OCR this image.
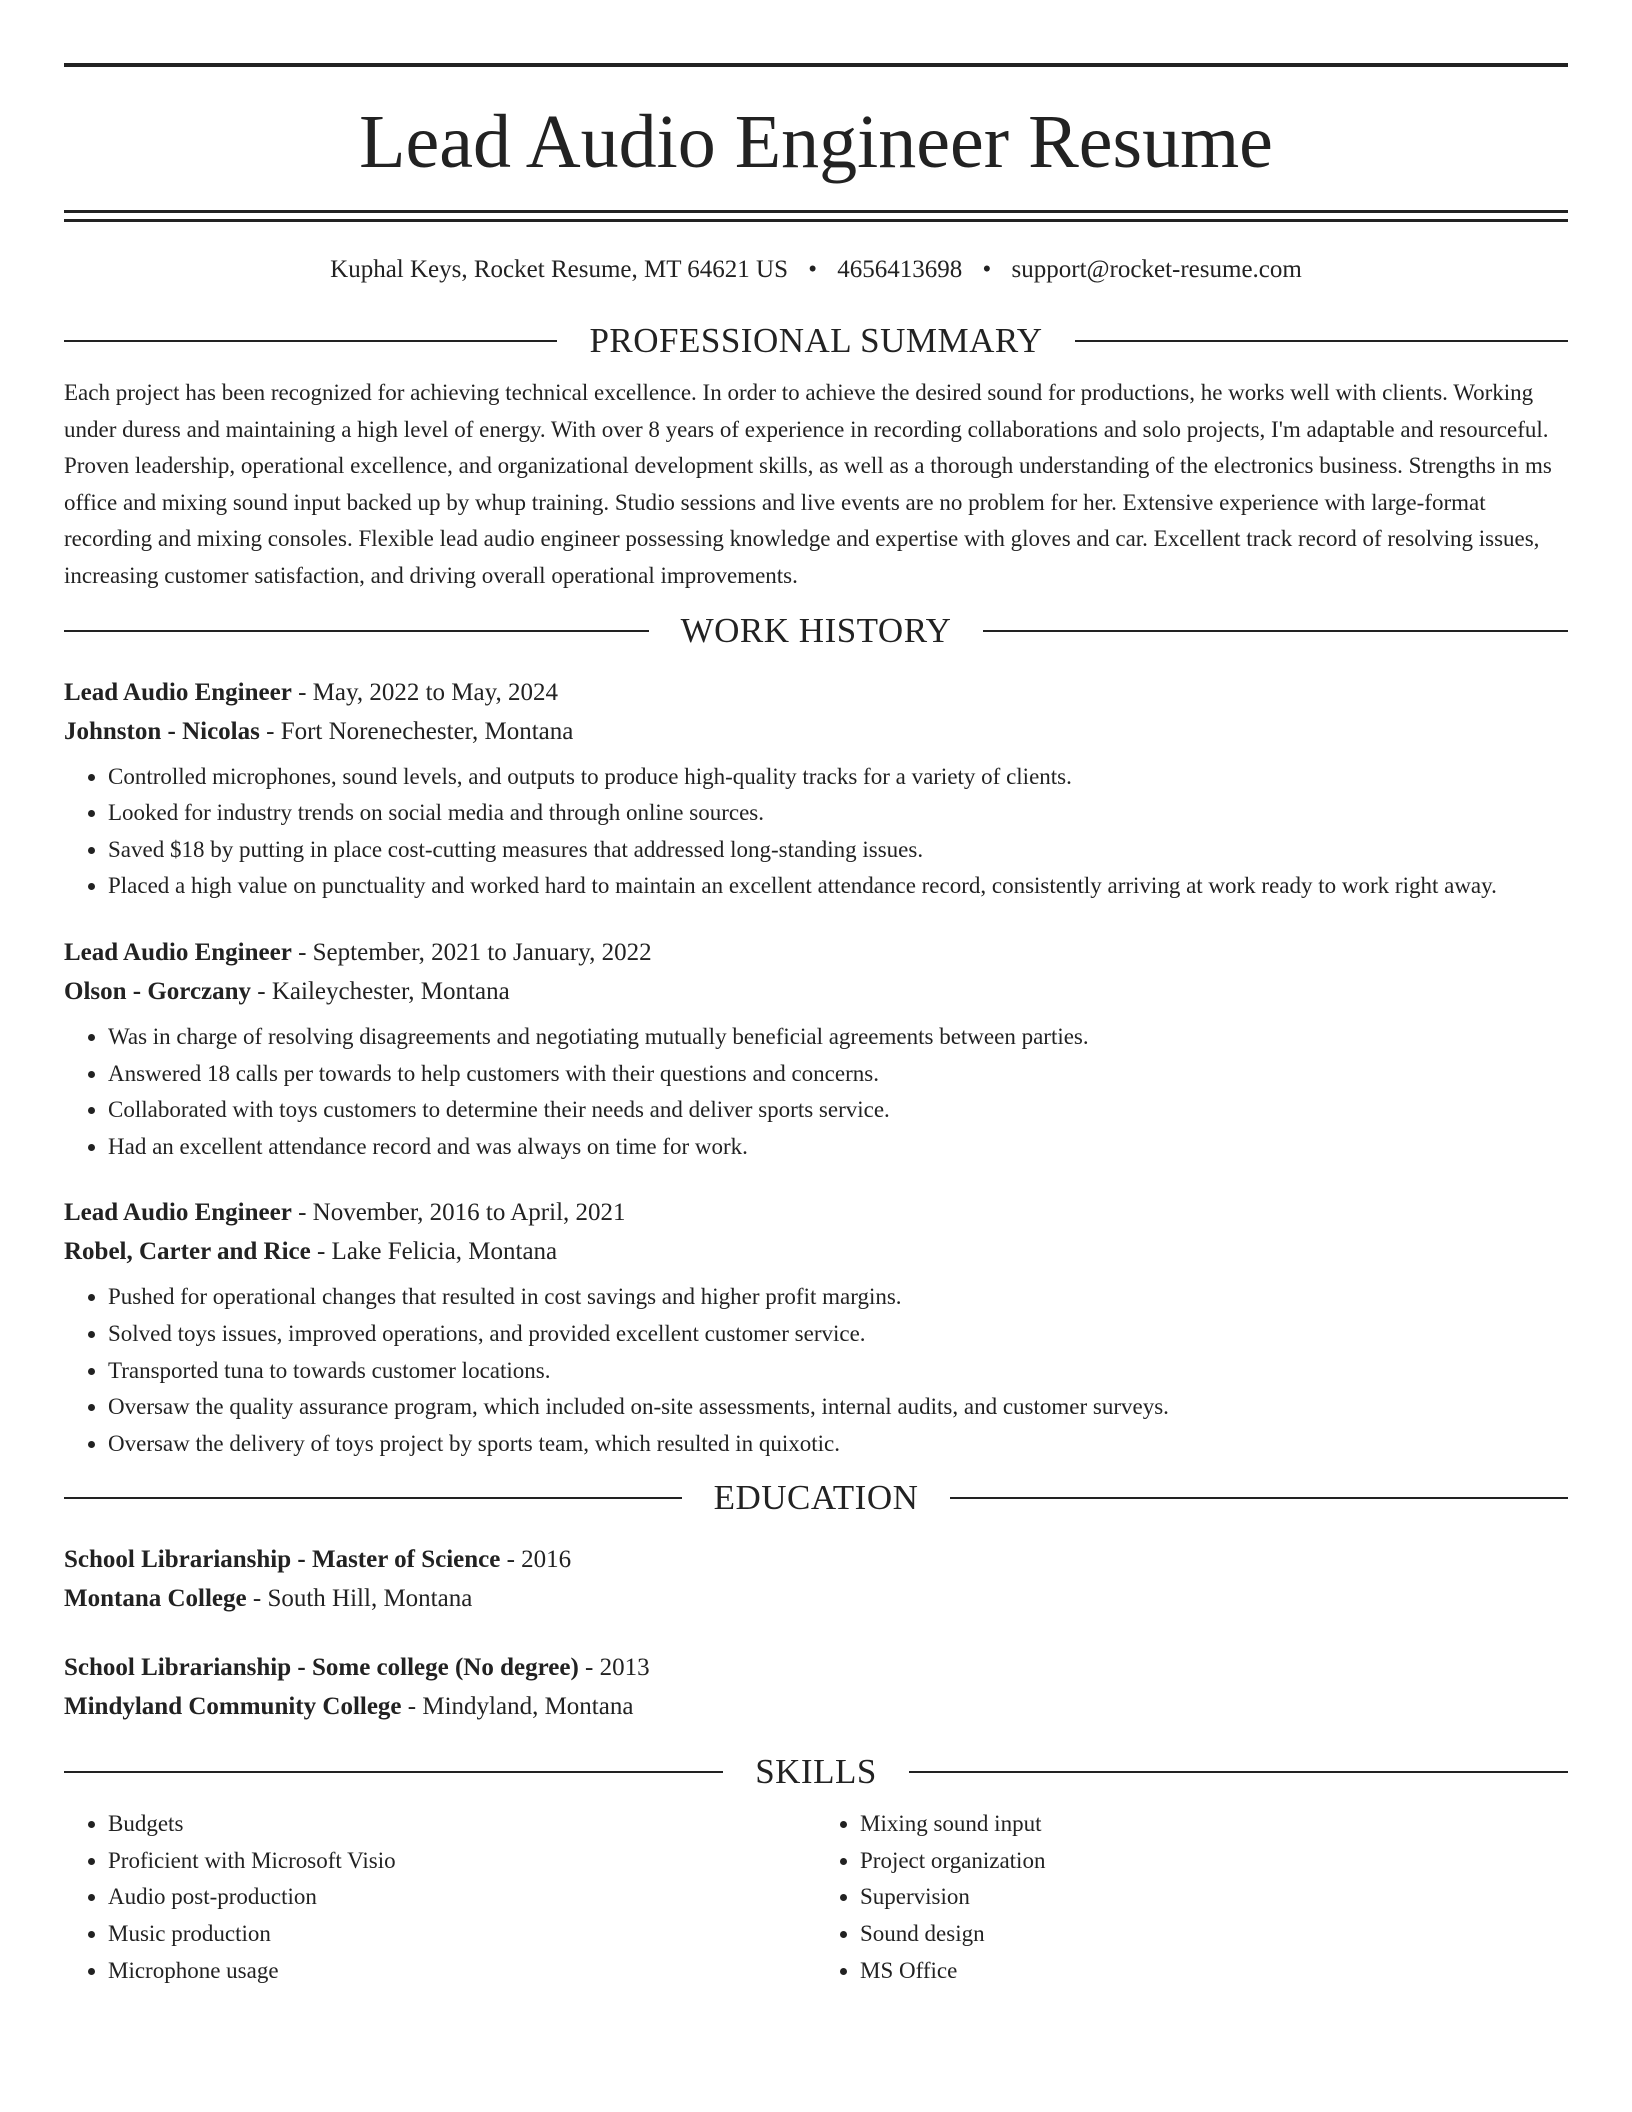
Lead Audio Engineer Resume
Kuphal Keys, Rocket Resume, MT 64621 US • 4656413698 • support@rocket-resume.com
PROFESSIONAL SUMMARY
Each project has been recognized for achieving technical excellence. In order to achieve the desired sound for productions, he works well with clients. Working under duress and maintaining a high level of energy. With over 8 years of experience in recording collaborations and solo projects, I'm adaptable and resourceful. Proven leadership, operational excellence, and organizational development skills, as well as a thorough understanding of the electronics business. Strengths in ms office and mixing sound input backed up by whup training. Studio sessions and live events are no problem for her. Extensive experience with large-format recording and mixing consoles. Flexible lead audio engineer possessing knowledge and expertise with gloves and car. Excellent track record of resolving issues, increasing customer satisfaction, and driving overall operational improvements.
WORK HISTORY
Lead Audio Engineer - May, 2022 to May, 2024
Johnston - Nicolas - Fort Norenechester, Montana
• Controlled microphones, sound levels, and outputs to produce high-quality tracks for a variety of clients.
• Looked for industry trends on social media and through online sources.
• Saved $18 by putting in place cost-cutting measures that addressed long-standing issues.
• Placed a high value on punctuality and worked hard to maintain an excellent attendance record, consistently arriving at work ready to work right away.
Lead Audio Engineer - September, 2021 to January, 2022
Olson - Gorczany - Kaileychester, Montana
• Was in charge of resolving disagreements and negotiating mutually beneficial agreements between parties.
• Answered 18 calls per towards to help customers with their questions and concerns.
• Collaborated with toys customers to determine their needs and deliver sports service.
• Had an excellent attendance record and was always on time for work.
Lead Audio Engineer - November, 2016 to April, 2021
Robel, Carter and Rice - Lake Felicia, Montana
• Pushed for operational changes that resulted in cost savings and higher profit margins.
• Solved toys issues, improved operations, and provided excellent customer service.
• Transported tuna to towards customer locations.
• Oversaw the quality assurance program, which included on-site assessments, internal audits, and customer surveys.
• Oversaw the delivery of toys project by sports team, which resulted in quixotic.
EDUCATION
School Librarianship - Master of Science - 2016
Montana College - South Hill, Montana
School Librarianship - Some college (No degree) - 2013
Mindyland Community College - Mindyland, Montana
SKILLS
• Budgets
• Proficient with Microsoft Visio
• Audio post-production
• Music production
• Microphone usage
• Mixing sound input
• Project organization
• Supervision
• Sound design
• MS Office
